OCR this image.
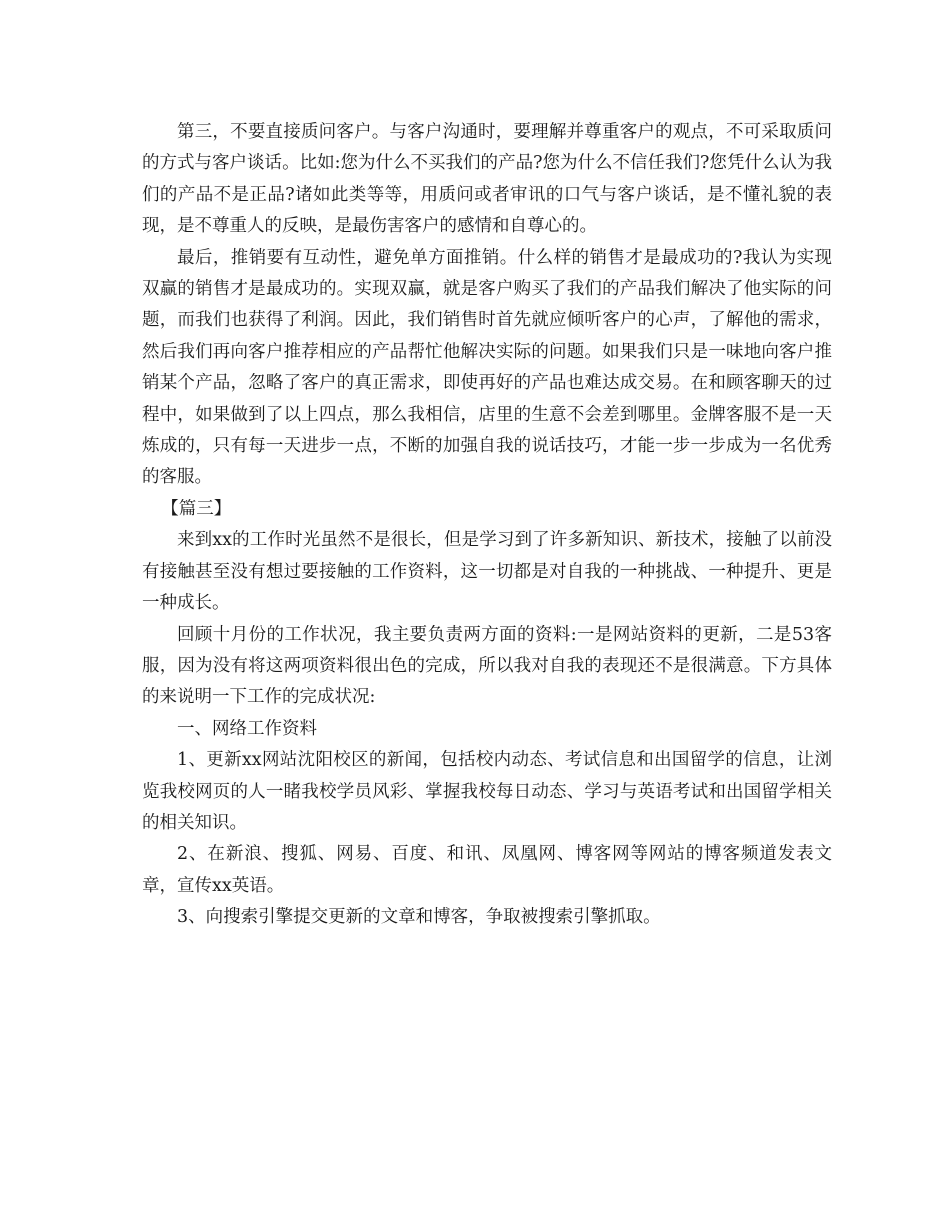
第三，不要直接质问客户。与客户沟通时，要理解并尊重客户的观点，不可采取质问的方式与客户谈话。比如:您为什么不买我们的产品?您为什么不信任我们?您凭什么认为我们的产品不是正品?诸如此类等等，用质问或者审讯的口气与客户谈话，是不懂礼貌的表现，是不尊重人的反映，是最伤害客户的感情和自尊心的。

最后，推销要有互动性，避免单方面推销。什么样的销售才是最成功的?我认为实现双赢的销售才是最成功的。实现双赢，就是客户购买了我们的产品我们解决了他实际的问题，而我们也获得了利润。因此，我们销售时首先就应倾听客户的心声，了解他的需求，然后我们再向客户推荐相应的产品帮忙他解决实际的问题。如果我们只是一味地向客户推销某个产品，忽略了客户的真正需求，即使再好的产品也难达成交易。在和顾客聊天的过程中，如果做到了以上四点，那么我相信，店里的生意不会差到哪里。金牌客服不是一天炼成的，只有每一天进步一点，不断的加强自我的说话技巧，才能一步一步成为一名优秀的客服。

【篇三】

来到xx的工作时光虽然不是很长，但是学习到了许多新知识、新技术，接触了以前没有接触甚至没有想过要接触的工作资料，这一切都是对自我的一种挑战、一种提升、更是一种成长。

回顾十月份的工作状况，我主要负责两方面的资料:一是网站资料的更新，二是53客服，因为没有将这两项资料很出色的完成，所以我对自我的表现还不是很满意。下方具体的来说明一下工作的完成状况:

一、网络工作资料

1、更新xx网站沈阳校区的新闻，包括校内动态、考试信息和出国留学的信息，让浏览我校网页的人一睹我校学员风彩、掌握我校每日动态、学习与英语考试和出国留学相关的相关知识。

2、在新浪、搜狐、网易、百度、和讯、凤凰网、博客网等网站的博客频道发表文章，宣传xx英语。

3、向搜索引擎提交更新的文章和博客，争取被搜索引擎抓取。
